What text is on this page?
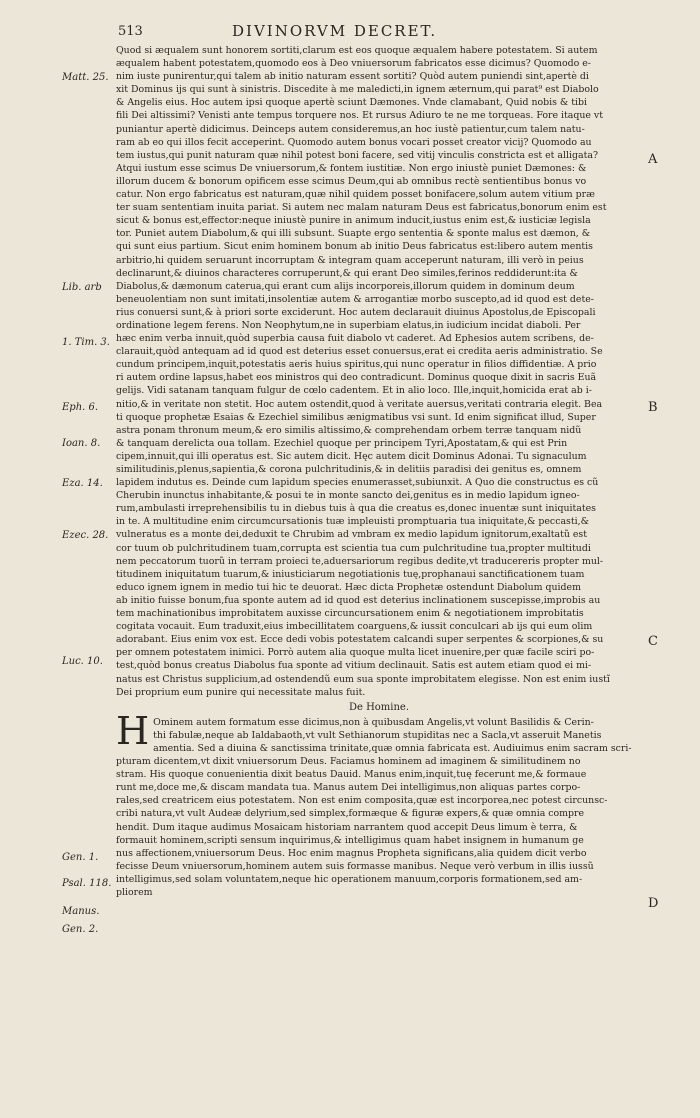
513	DIVINORVM DECRET.
Matt. 25.
Lib. arb
1. Tim. 3.
Eph. 6.
Ioan. 8.
Eza. 14.
Ezec. 28.
Luc. 10.
Gen. 1.
Psal. 118.
Manus.
Gen. 2.
A
B
C
D
Quod si æqualem sunt honorem sortiti,clarum est eos quoque æqualem habere potestatem. Si autem
æqualem habent potestatem,quomodo eos à Deo vniuersorum fabricatos esse dicimus? Quomodo e-
nim iuste punirentur,qui talem ab initio naturam essent sortiti? Quòd autem puniendi sint,apertè di
xit Dominus ijs qui sunt à sinistris. Discedite à me maledicti,in ignem æternum,qui parat⁹ est Diabolo
& Angelis eius. Hoc autem ipsi quoque apertè sciunt Dæmones. Vnde clamabant, Quid nobis & tibi
fili Dei altissimi? Venisti ante tempus torquere nos. Et rursus Adiuro te ne me torqueas. Fore itaque vt
puniantur apertè didicimus. Deinceps autem consideremus,an hoc iustè patientur,cum talem natu-
ram ab eo qui illos fecit acceperint. Quomodo autem bonus vocari posset creator vicij? Quomodo au
tem iustus,qui punit naturam quæ nihil potest boni facere, sed vitij vinculis constricta est et alligata?
Atqui iustum esse scimus De vniuersorum,& fontem iustitiæ. Non ergo iniustè puniet Dæmones: &
illorum ducem & bonorum opificem esse scimus Deum,qui ab omnibus rectè sentientibus bonus vo
catur. Non ergo fabricatus est naturam,quæ nihil quidem posset bonifacere,solum autem vitium præ
ter suam sententiam inuita pariat. Si autem nec malam naturam Deus est fabricatus,bonorum enim est
sicut & bonus est,effector:neque iniustè punire in animum inducit,iustus enim est,& iusticiæ legisla
tor. Puniet autem Diabolum,& qui illi subsunt. Suapte ergo sententia & sponte malus est dæmon, &
qui sunt eius partium. Sicut enim hominem bonum ab initio Deus fabricatus est:libero autem mentis
arbitrio,hi quidem seruarunt incorruptam & integram quam acceperunt naturam, illi verò in peius
declinarunt,& diuinos characteres corruperunt,& qui erant Deo similes,ferinos reddiderunt:ita &
Diabolus,& dæmonum caterua,qui erant cum alijs incorporeis,illorum quidem in dominum deum
beneuolentiam non sunt imitati,insolentiæ autem & arrogantiæ morbo suscepto,ad id quod est dete-
rius conuersi sunt,& à priori sorte exciderunt. Hoc autem declarauit diuinus Apostolus,de Episcopali
ordinatione legem ferens. Non Neophytum,ne in superbiam elatus,in iudicium incidat diaboli. Per
hæc enim verba innuit,quòd superbia causa fuit diabolo vt caderet. Ad Ephesios autem scribens, de-
clarauit,quòd antequam ad id quod est deterius esset conuersus,erat ei credita aeris administratio. Se
cundum principem,inquit,potestatis aeris huius spiritus,qui nunc operatur in filios diffidentiæ. A prio
ri autem ordine lapsus,habet eos ministros qui deo contradicunt. Dominus quoque dixit in sacris Euã
gelijs. Vidi satanam tanquam fulgur de cœlo cadentem. Et in alio loco. Ille,inquit,homicida erat ab i-
nitio,& in veritate non stetit. Hoc autem ostendit,quod à veritate auersus,veritati contraria elegit. Bea
ti quoque prophetæ Esaias & Ezechiel similibus ænigmatibus vsi sunt. Id enim significat illud, Super
astra ponam thronum meum,& ero similis altissimo,& comprehendam orbem terræ tanquam nidũ
& tanquam derelicta oua tollam. Ezechiel quoque per principem Tyri,Apostatam,& qui est Prin
cipem,innuit,qui illi operatus est. Sic autem dicit. Hęc autem dicit Dominus Adonai. Tu signaculum
similitudinis,plenus,sapientia,& corona pulchritudinis,& in delitiis paradisi dei genitus es, omnem
lapidem indutus es. Deinde cum lapidum species enumerasset,subiunxit. A Quo die constructus es cũ
Cherubin inunctus inhabitante,& posui te in monte sancto dei,genitus es in medio lapidum igneo-
rum,ambulasti irreprehensibilis tu in diebus tuis à qua die creatus es,donec inuentæ sunt iniquitates
in te. A multitudine enim circumcursationis tuæ impleuisti promptuaria tua iniquitate,& peccasti,&
vulneratus es a monte dei,deduxit te Chrubim ad vmbram ex medio lapidum ignitorum,exaltatũ est
cor tuum ob pulchritudinem tuam,corrupta est scientia tua cum pulchritudine tua,propter multitudi
nem peccatorum tuorũ in terram proieci te,aduersariorum regibus dedite,vt traducereris propter mul-
titudinem iniquitatum tuarum,& iniusticiarum negotiationis tuę,prophanaui sanctificationem tuam
educo ignem ignem in medio tui hic te deuorat. Hæc dicta Prophetæ ostendunt Diabolum quidem
ab initio fuisse bonum,fua sponte autem ad id quod est deterius inclinationem suscepisse,improbis au
tem machinationibus improbitatem auxisse circuncursationem enim & negotiationem improbitatis
cogitata vocauit. Eum traduxit,eius imbecillitatem coarguens,& iussit conculcari ab ijs qui eum olim
adorabant. Eius enim vox est. Ecce dedi vobis potestatem calcandi super serpentes & scorpiones,& su
per omnem potestatem inimici. Porrò autem alia quoque multa licet inuenire,per quæ facile sciri po-
test,quòd bonus creatus Diabolus fua sponte ad vitium declinauit. Satis est autem etiam quod ei mi-
natus est Christus supplicium,ad ostendendũ eum sua sponte improbitatem elegisse. Non est enim iustĩ
Dei proprium eum punire qui necessitate malus fuit.
De Homine.
H Ominem autem formatum esse dicimus,non à quibusdam Angelis,vt volunt Basilidis & Cerin-
thi fabulæ,neque ab Ialdabaoth,vt vult Sethianorum stupiditas nec a Sacla,vt asseruit Manetis
amentia. Sed a diuina & sanctissima trinitate,quæ omnia fabricata est. Audiuimus enim sacram scri-
pturam dicentem,vt dixit vniuersorum Deus. Faciamus hominem ad imaginem & similitudinem no
stram. His quoque conuenientia dixit beatus Dauid. Manus enim,inquit,tuę fecerunt me,& formaue
runt me,doce me,& discam mandata tua. Manus autem Dei intelligimus,non aliquas partes corpo-
rales,sed creatricem eius potestatem. Non est enim composita,quæ est incorporea,nec potest circunsc-
cribi natura,vt vult Audeæ delyrium,sed simplex,formæque & figuræ expers,& quæ omnia compre
hendit. Dum itaque audimus Mosaicam historiam narrantem quod accepit Deus limum è terra, &
formauit hominem,scripti sensum inquirimus,& intelligimus quam habet insignem in humanum ge
nus affectionem,vniuersorum Deus. Hoc enim magnus Propheta significans,alia quidem dicit verbo
fecisse Deum vniuersorum,hominem autem suis formasse manibus. Neque verò verbum in illis iussũ
intelligimus,sed solam voluntatem,neque hic operationem manuum,corporis formationem,sed am-
pliorem
